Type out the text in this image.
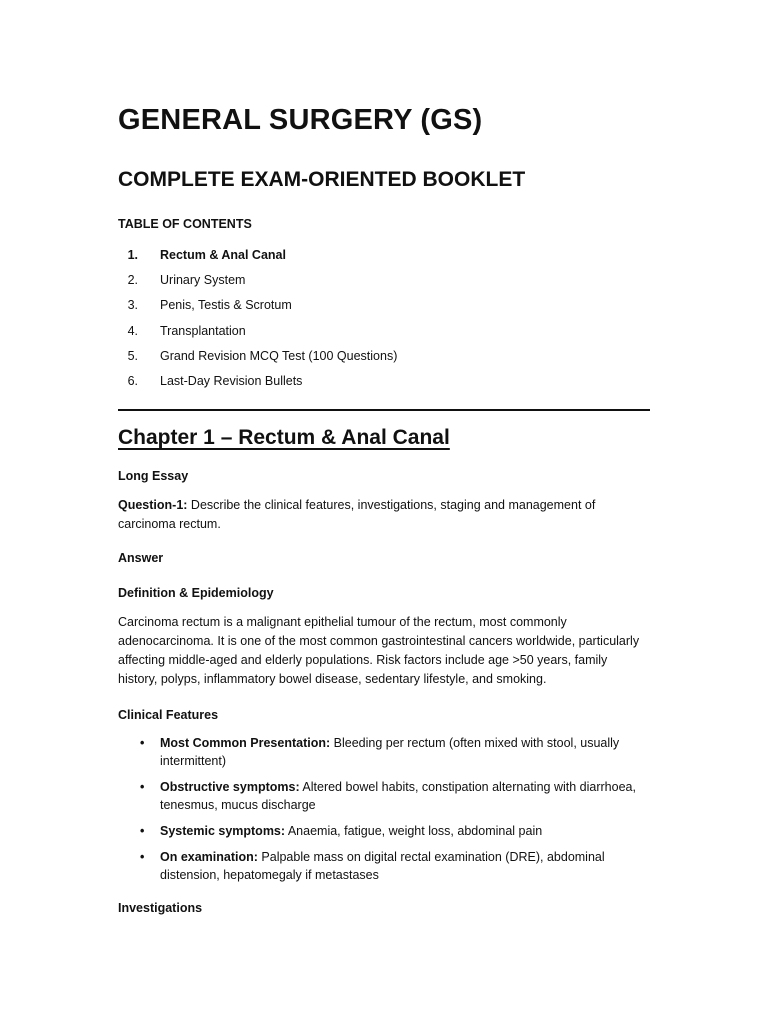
GENERAL SURGERY (GS)
COMPLETE EXAM-ORIENTED BOOKLET
TABLE OF CONTENTS
1. Rectum & Anal Canal
2. Urinary System
3. Penis, Testis & Scrotum
4. Transplantation
5. Grand Revision MCQ Test (100 Questions)
6. Last-Day Revision Bullets
Chapter 1 – Rectum & Anal Canal
Long Essay

Question-1: Describe the clinical features, investigations, staging and management of carcinoma rectum.

Answer
Definition & Epidemiology

Carcinoma rectum is a malignant epithelial tumour of the rectum, most commonly adenocarcinoma. It is one of the most common gastrointestinal cancers worldwide, particularly affecting middle-aged and elderly populations. Risk factors include age >50 years, family history, polyps, inflammatory bowel disease, sedentary lifestyle, and smoking.

Clinical Features
• Most Common Presentation: Bleeding per rectum (often mixed with stool, usually intermittent)
• Obstructive symptoms: Altered bowel habits, constipation alternating with diarrhoea, tenesmus, mucus discharge
• Systemic symptoms: Anaemia, fatigue, weight loss, abdominal pain
• On examination: Palpable mass on digital rectal examination (DRE), abdominal distension, hepatomegaly if metastases
Investigations
